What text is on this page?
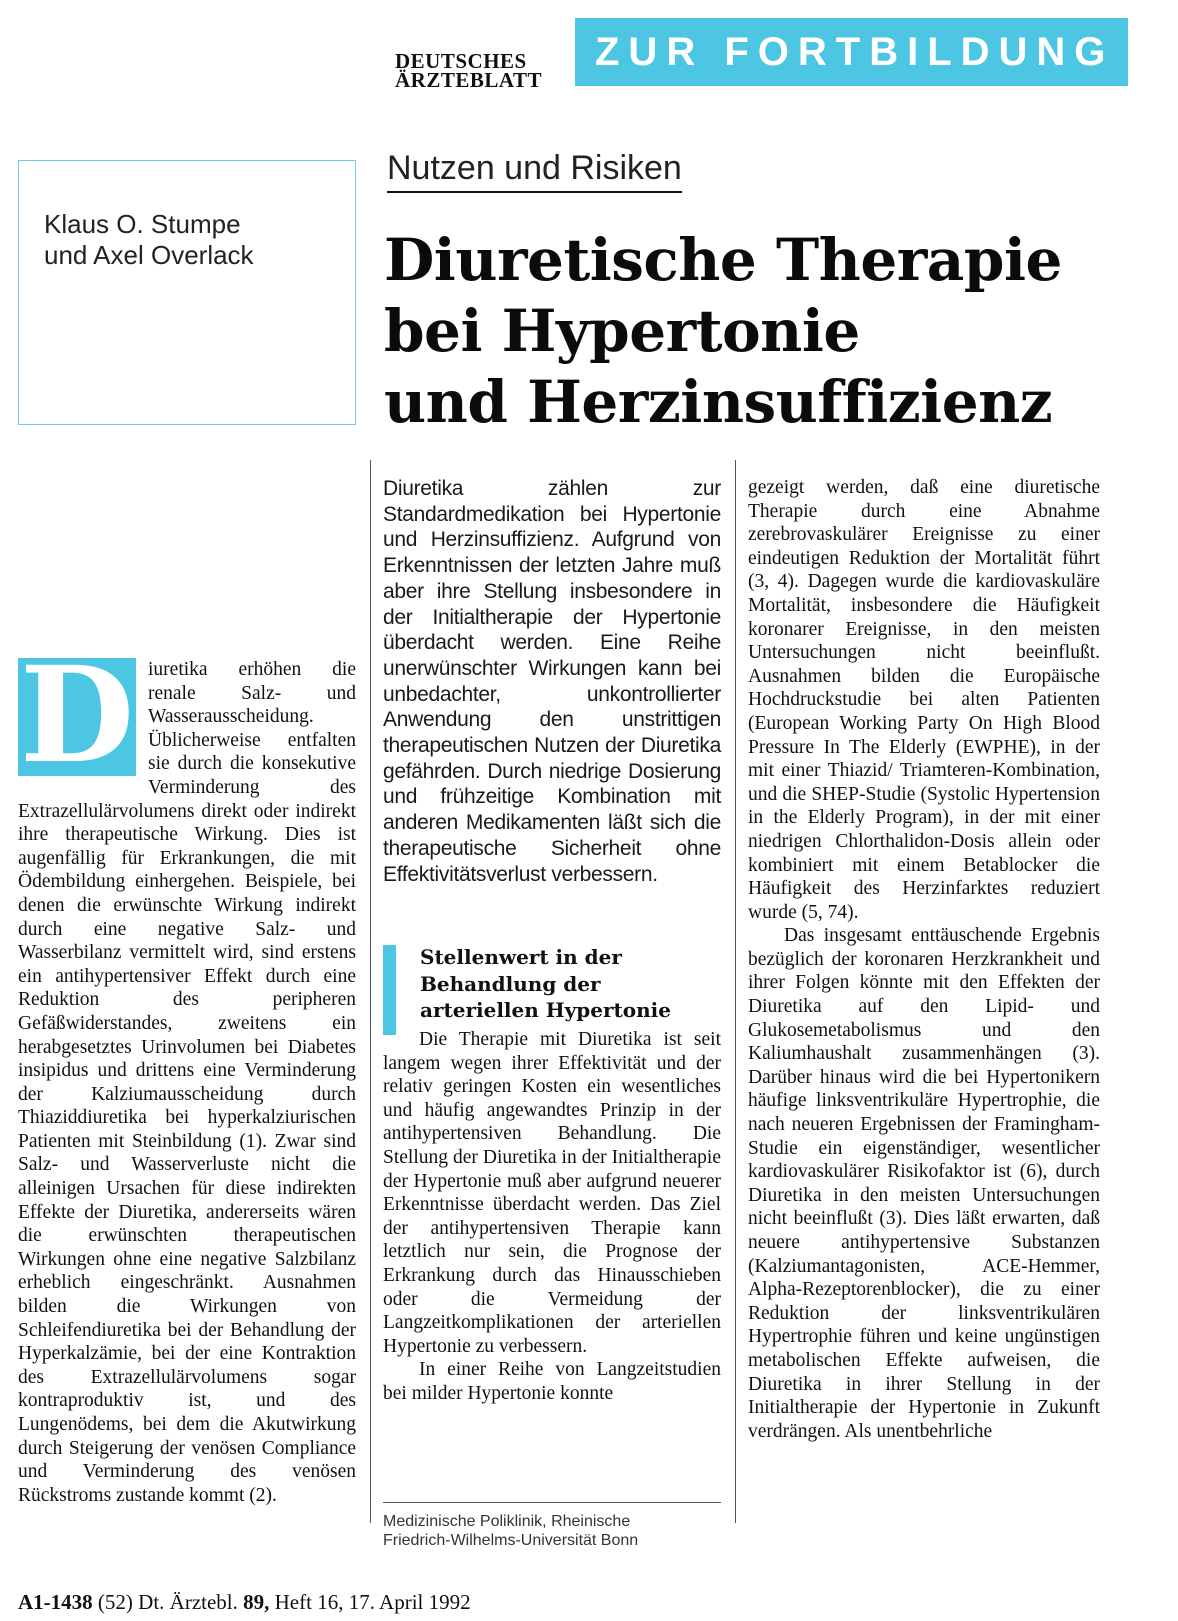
DEUTSCHES
ÄRZTEBLATT
ZUR FORTBILDUNG
Klaus O. Stumpe
und Axel Overlack
Nutzen und Risiken
Diuretische Therapie
bei Hypertonie
und Herzinsuffizienz
D iuretika erhöhen die renale Salz- und Wasserausscheidung. Üblicherweise entfalten sie durch die konsekutive Verminderung des Extrazellulärvolumens direkt oder indirekt ihre therapeutische Wirkung. Dies ist augenfällig für Erkrankungen, die mit Ödembildung einhergehen. Beispiele, bei denen die erwünschte Wirkung indirekt durch eine negative Salz- und Wasserbilanz vermittelt wird, sind erstens ein antihypertensiver Effekt durch eine Reduktion des peripheren Gefäßwiderstandes, zweitens ein herabgesetztes Urinvolumen bei Diabetes insipidus und drittens eine Verminderung der Kalziumausscheidung durch Thiaziddiuretika bei hyperkalziurischen Patienten mit Steinbildung (1). Zwar sind Salz- und Wasserverluste nicht die alleinigen Ursachen für diese indirekten Effekte der Diuretika, andererseits wären die erwünschten therapeutischen Wirkungen ohne eine negative Salzbilanz erheblich eingeschränkt. Ausnahmen bilden die Wirkungen von Schleifendiuretika bei der Behandlung der Hyperkalzämie, bei der eine Kontraktion des Extrazellulärvolumens sogar kontraproduktiv ist, und des Lungenödems, bei dem die Akutwirkung durch Steigerung der venösen Compliance und Verminderung des venösen Rückstroms zustande kommt (2).

Diuretika zählen zur Standardmedikation bei Hypertonie und Herzinsuffizienz. Aufgrund von Erkenntnissen der letzten Jahre muß aber ihre Stellung insbesondere in der Initialtherapie der Hypertonie überdacht werden. Eine Reihe unerwünschter Wirkungen kann bei unbedachter, unkontrollierter Anwendung den unstrittigen therapeutischen Nutzen der Diuretika gefährden. Durch niedrige Dosierung und frühzeitige Kombination mit anderen Medikamenten läßt sich die therapeutische Sicherheit ohne Effektivitätsverlust verbessern.
Stellenwert in der Behandlung der arteriellen Hypertonie

Die Therapie mit Diuretika ist seit langem wegen ihrer Effektivität und der relativ geringen Kosten ein wesentliches und häufig angewandtes Prinzip in der antihypertensiven Behandlung. Die Stellung der Diuretika in der Initialtherapie der Hypertonie muß aber aufgrund neuerer Erkenntnisse überdacht werden. Das Ziel der antihypertensiven Therapie kann letztlich nur sein, die Prognose der Erkrankung durch das Hinausschieben oder die Vermeidung der Langzeitkomplikationen der arteriellen Hypertonie zu verbessern.

In einer Reihe von Langzeitstudien bei milder Hypertonie konnte

Medizinische Poliklinik, Rheinische
Friedrich-Wilhelms-Universität Bonn

gezeigt werden, daß eine diuretische Therapie durch eine Abnahme zerebrovaskulärer Ereignisse zu einer eindeutigen Reduktion der Mortalität führt (3, 4). Dagegen wurde die kardiovaskuläre Mortalität, insbesondere die Häufigkeit koronarer Ereignisse, in den meisten Untersuchungen nicht beeinflußt. Ausnahmen bilden die Europäische Hochdruckstudie bei alten Patienten (European Working Party On High Blood Pressure In The Elderly (EWPHE), in der mit einer Thiazid/ Triamteren-Kombination, und die SHEP-Studie (Systolic Hypertension in the Elderly Program), in der mit einer niedrigen Chlorthalidon-Dosis allein oder kombiniert mit einem Betablocker die Häufigkeit des Herzinfarktes reduziert wurde (5, 74).

Das insgesamt enttäuschende Ergebnis bezüglich der koronaren Herzkrankheit und ihrer Folgen könnte mit den Effekten der Diuretika auf den Lipid- und Glukosemetabolismus und den Kaliumhaushalt zusammenhängen (3). Darüber hinaus wird die bei Hypertonikern häufige linksventrikuläre Hypertrophie, die nach neueren Ergebnissen der Framingham-Studie ein eigenständiger, wesentlicher kardiovaskulärer Risikofaktor ist (6), durch Diuretika in den meisten Untersuchungen nicht beeinflußt (3). Dies läßt erwarten, daß neuere antihypertensive Substanzen (Kalziumantagonisten, ACE-Hemmer, Alpha-Rezeptorenblocker), die zu einer Reduktion der linksventrikulären Hypertrophie führen und keine ungünstigen metabolischen Effekte aufweisen, die Diuretika in ihrer Stellung in der Initialtherapie der Hypertonie in Zukunft verdrängen. Als unentbehrliche

A1-1438 (52) Dt. Ärztebl. 89, Heft 16, 17. April 1992
